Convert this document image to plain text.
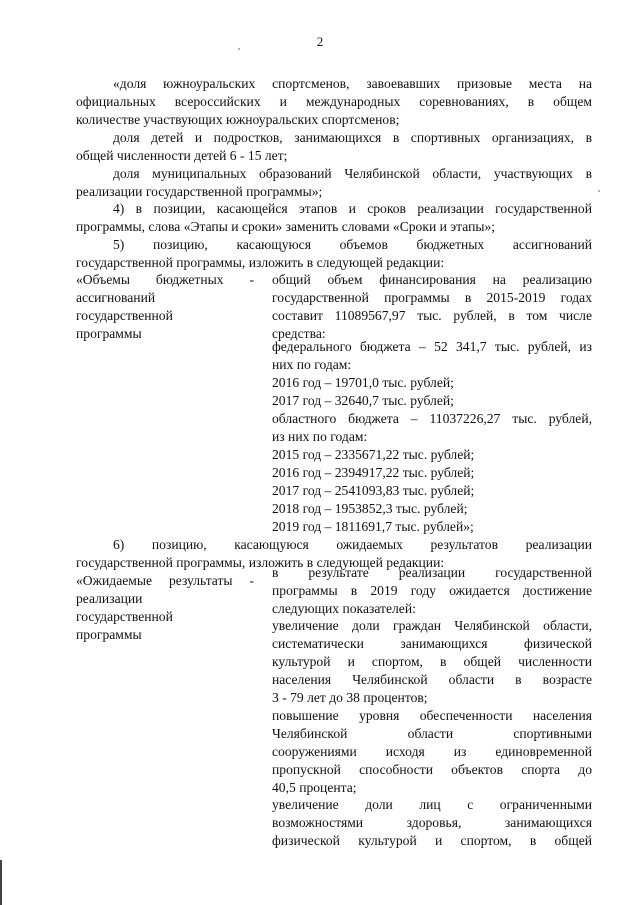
2
«доля южноуральских спортсменов, завоевавших призовые места на
официальных всероссийских и международных соревнованиях, в общем
количестве участвующих южноуральских спортсменов;
доля детей и подростков, занимающихся в спортивных организациях, в
общей численности детей 6 - 15 лет;
доля муниципальных образований Челябинской области, участвующих в
реализации государственной программы»;
4) в позиции, касающейся этапов и сроков реализации государственной
программы, слова «Этапы и сроки» заменить словами «Сроки и этапы»;
5) позицию, касающуюся объемов бюджетных ассигнований
государственной программы, изложить в следующей редакции:
«Объемы бюджетных -
ассигнований
государственной
программы
общий объем финансирования на реализацию
государственной программы в 2015-2019 годах
составит 11089567,97 тыс. рублей, в том числе
средства:
федерального бюджета – 52 341,7 тыс. рублей, из
них по годам:
2016 год – 19701,0 тыс. рублей;
2017 год – 32640,7 тыс. рублей;
областного бюджета – 11037226,27 тыс. рублей,
из них по годам:
2015 год – 2335671,22 тыс. рублей;
2016 год – 2394917,22 тыс. рублей;
2017 год – 2541093,83 тыс. рублей;
2018 год – 1953852,3 тыс. рублей;
2019 год – 1811691,7 тыс. рублей»;
6) позицию, касающуюся ожидаемых результатов реализации
государственной программы, изложить в следующей редакции:
«Ожидаемые результаты -
реализации
государственной
программы
в результате реализации государственной
программы в 2019 году ожидается достижение
следующих показателей:
увеличение доли граждан Челябинской области,
систематически занимающихся физической
культурой и спортом, в общей численности
населения Челябинской области в возрасте
3 - 79 лет до 38 процентов;
повышение уровня обеспеченности населения
Челябинской области спортивными
сооружениями исходя из единовременной
пропускной способности объектов спорта до
40,5 процента;
увеличение доли лиц с ограниченными
возможностями здоровья, занимающихся
физической культурой и спортом, в общей
